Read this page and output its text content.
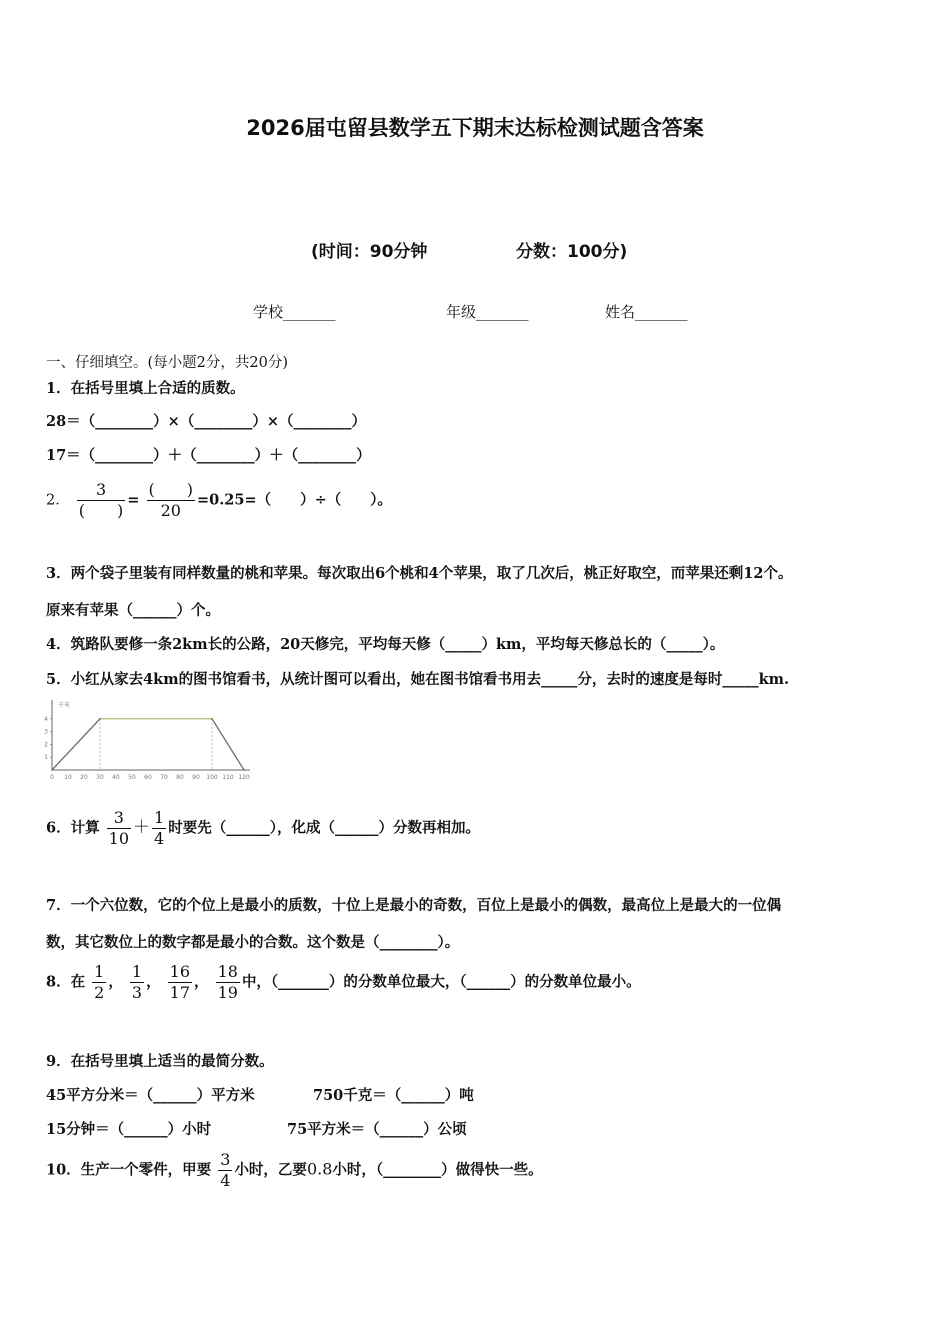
2026届屯留县数学五下期末达标检测试题含答案
(时间：90分钟	分数：100分)
学校_______	年级_______	姓名_______
一、仔细填空。(每小题2分，共20分)
1．在括号里填上合适的质数。
28＝（________）×（________）×（________）
17＝（________）＋（________）＋（________）
2． $\frac{3}{( )} = \frac{( )}{20} =0.25=$（　　）÷（　　）。
3．两个袋子里装有同样数量的桃和苹果。每次取出6个桃和4个苹果，取了几次后，桃正好取空，而苹果还剩12个。
原来有苹果（______）个。
4．筑路队要修一条2km长的公路，20天修完，平均每天修（_____）km，平均每天修总长的（_____）。
5．小红从家去4km的图书馆看书，从统计图可以看出，她在图书馆看书用去_____分，去时的速度是每时_____km.
千米
1
2
3
4
0 10 20 30 40 50 60 70 80 90 100 110 120
6．计算 $\frac{3}{10} + \frac{1}{4}$ 时要先（______），化成（______）分数再相加。
7．一个六位数，它的个位上是最小的质数，十位上是最小的奇数，百位上是最小的偶数，最高位上是最大的一位偶
数，其它数位上的数字都是最小的合数。这个数是（________）。
8．在 $\frac{1}{2}$ ， $\frac{1}{3}$ ， $\frac{16}{17}$ ， $\frac{18}{19}$ 中，（_______）的分数单位最大，（______）的分数单位最小。
9．在括号里填上适当的最简分数。
45平方分米＝（______）平方米	750千克＝（______）吨
15分钟＝（______）小时	75平方米＝（______）公顷
10．生产一个零件，甲要 $\frac{3}{4}$ 小时，乙要0.8小时，（________）做得快一些。
